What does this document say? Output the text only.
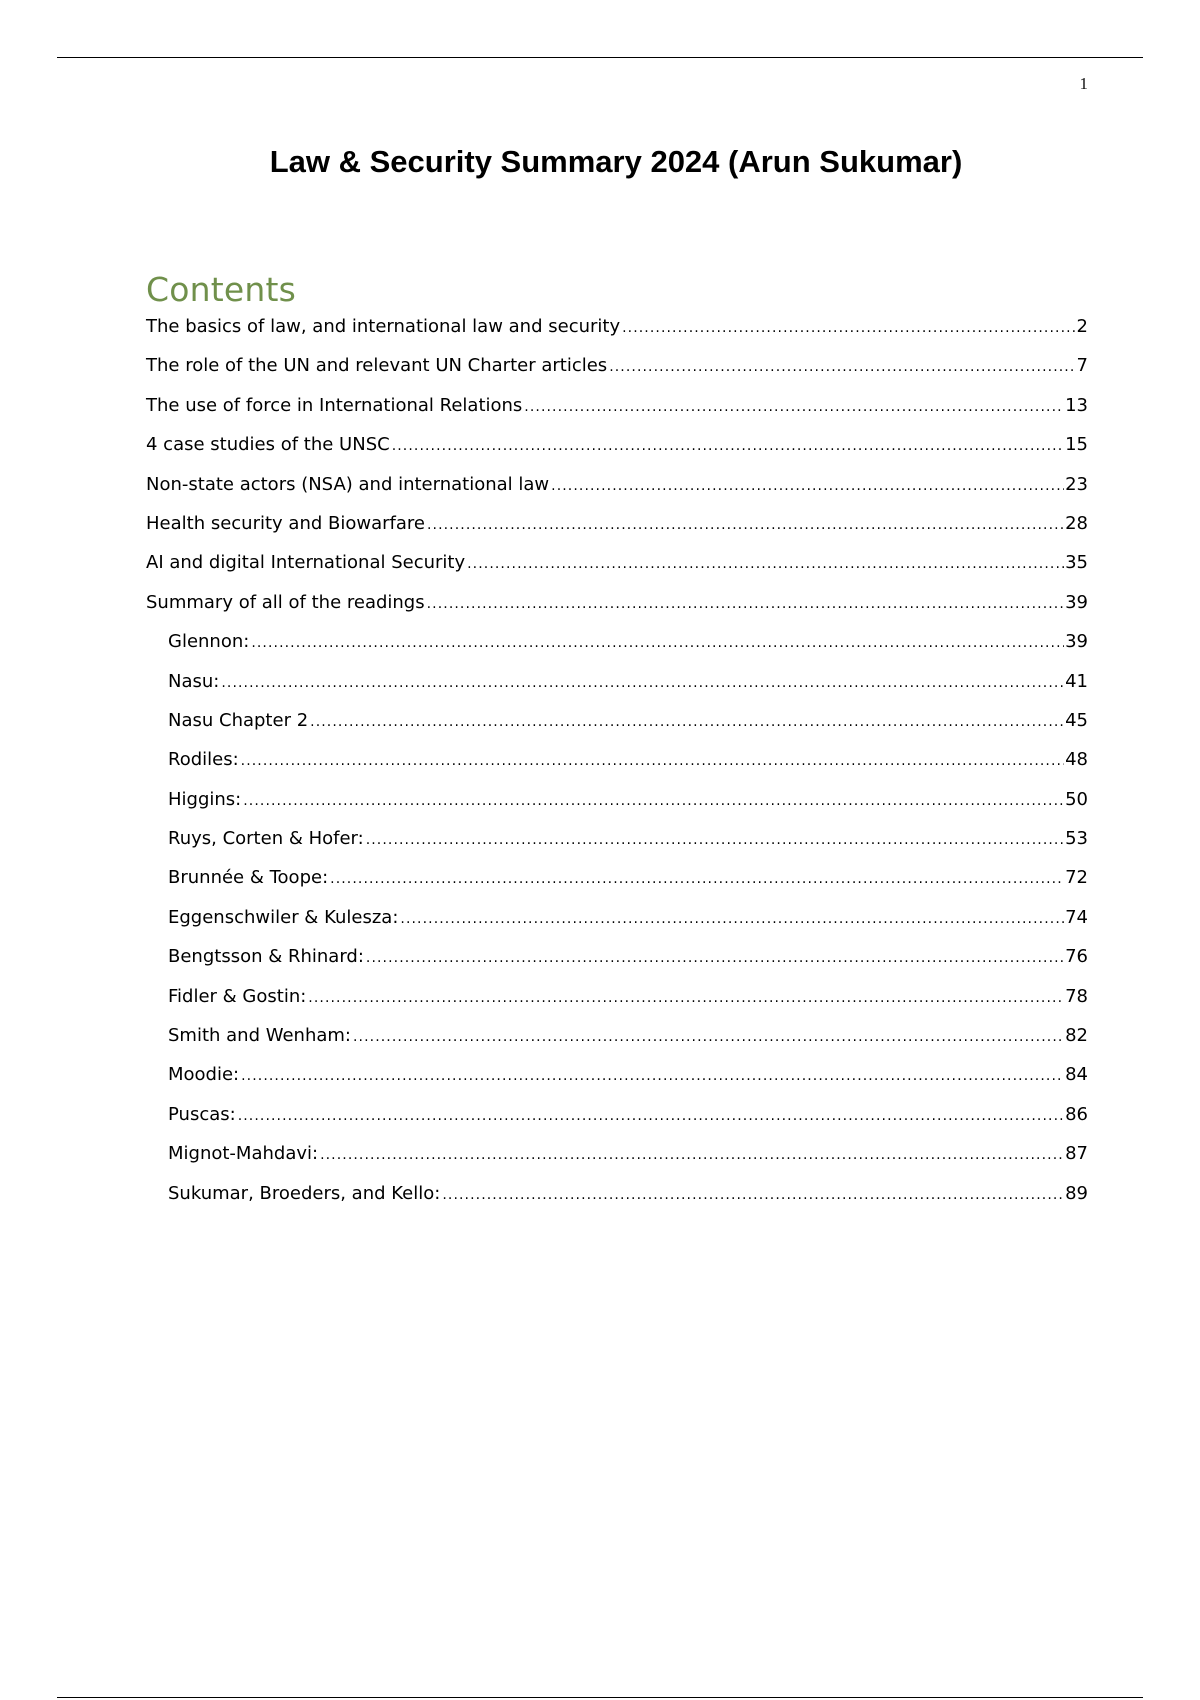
1
Law & Security Summary 2024 (Arun Sukumar)
Contents
The basics of law, and international law and security .....	2
The role of the UN and relevant UN Charter articles .....	7
The use of force in International Relations .....	13
4 case studies of the UNSC .....	15
Non-state actors (NSA) and international law .....	23
Health security and Biowarfare .....	28
AI and digital International Security .....	35
Summary of all of the readings .....	39
Glennon: .....	39
Nasu: .....	41
Nasu Chapter 2 .....	45
Rodiles: .....	48
Higgins: .....	50
Ruys, Corten & Hofer: .....	53
Brunnée & Toope: .....	72
Eggenschwiler & Kulesza: .....	74
Bengtsson & Rhinard: .....	76
Fidler & Gostin: .....	78
Smith and Wenham: .....	82
Moodie: .....	84
Puscas: .....	86
Mignot-Mahdavi: .....	87
Sukumar, Broeders, and Kello: .....	89
